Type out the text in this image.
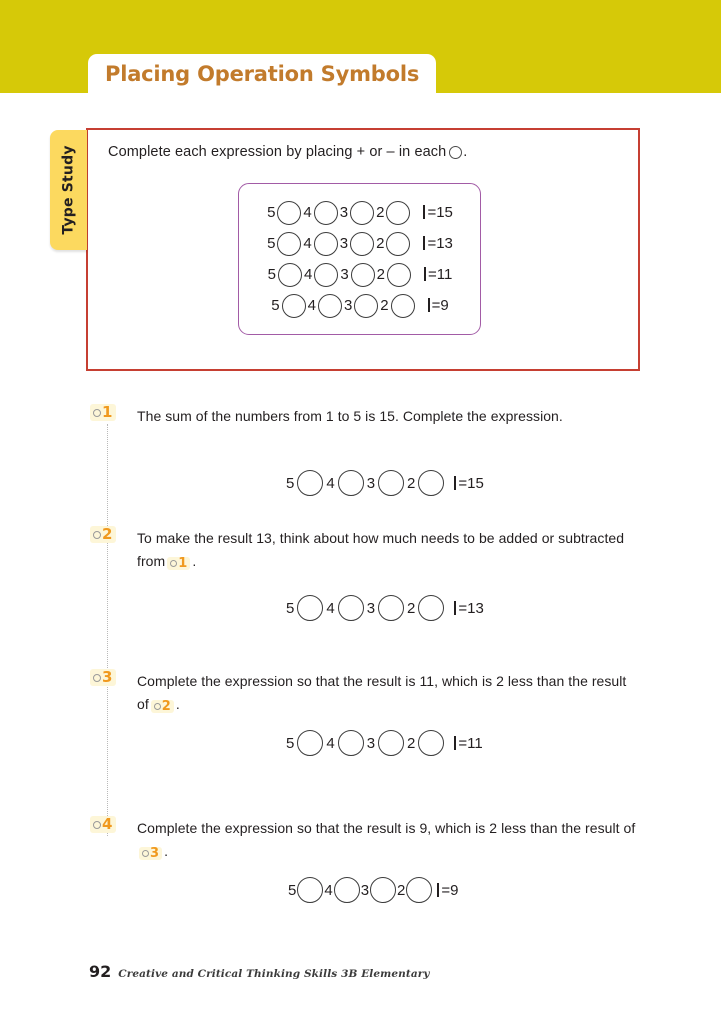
Placing Operation Symbols
Type Study Complete each expression by placing + or – in each .
5 4 3 2	=15
5 4 3 2	=13
5 4 3 2	=11
5 4 3 2	=9
1 The sum of the numbers from 1 to 5 is 15. Complete the expression.
5 4 3 2	=15
2 To make the result 13, think about how much needs to be added or subtracted from 1 .
5 4 3 2	=13
3 Complete the expression so that the result is 11, which is 2 less than the result of 2 .
5 4 3 2	=11
4 Complete the expression so that the result is 9, which is 2 less than the result of
3 .
5 4 3 2	=9
92 Creative and Critical Thinking Skills 3B Elementary
